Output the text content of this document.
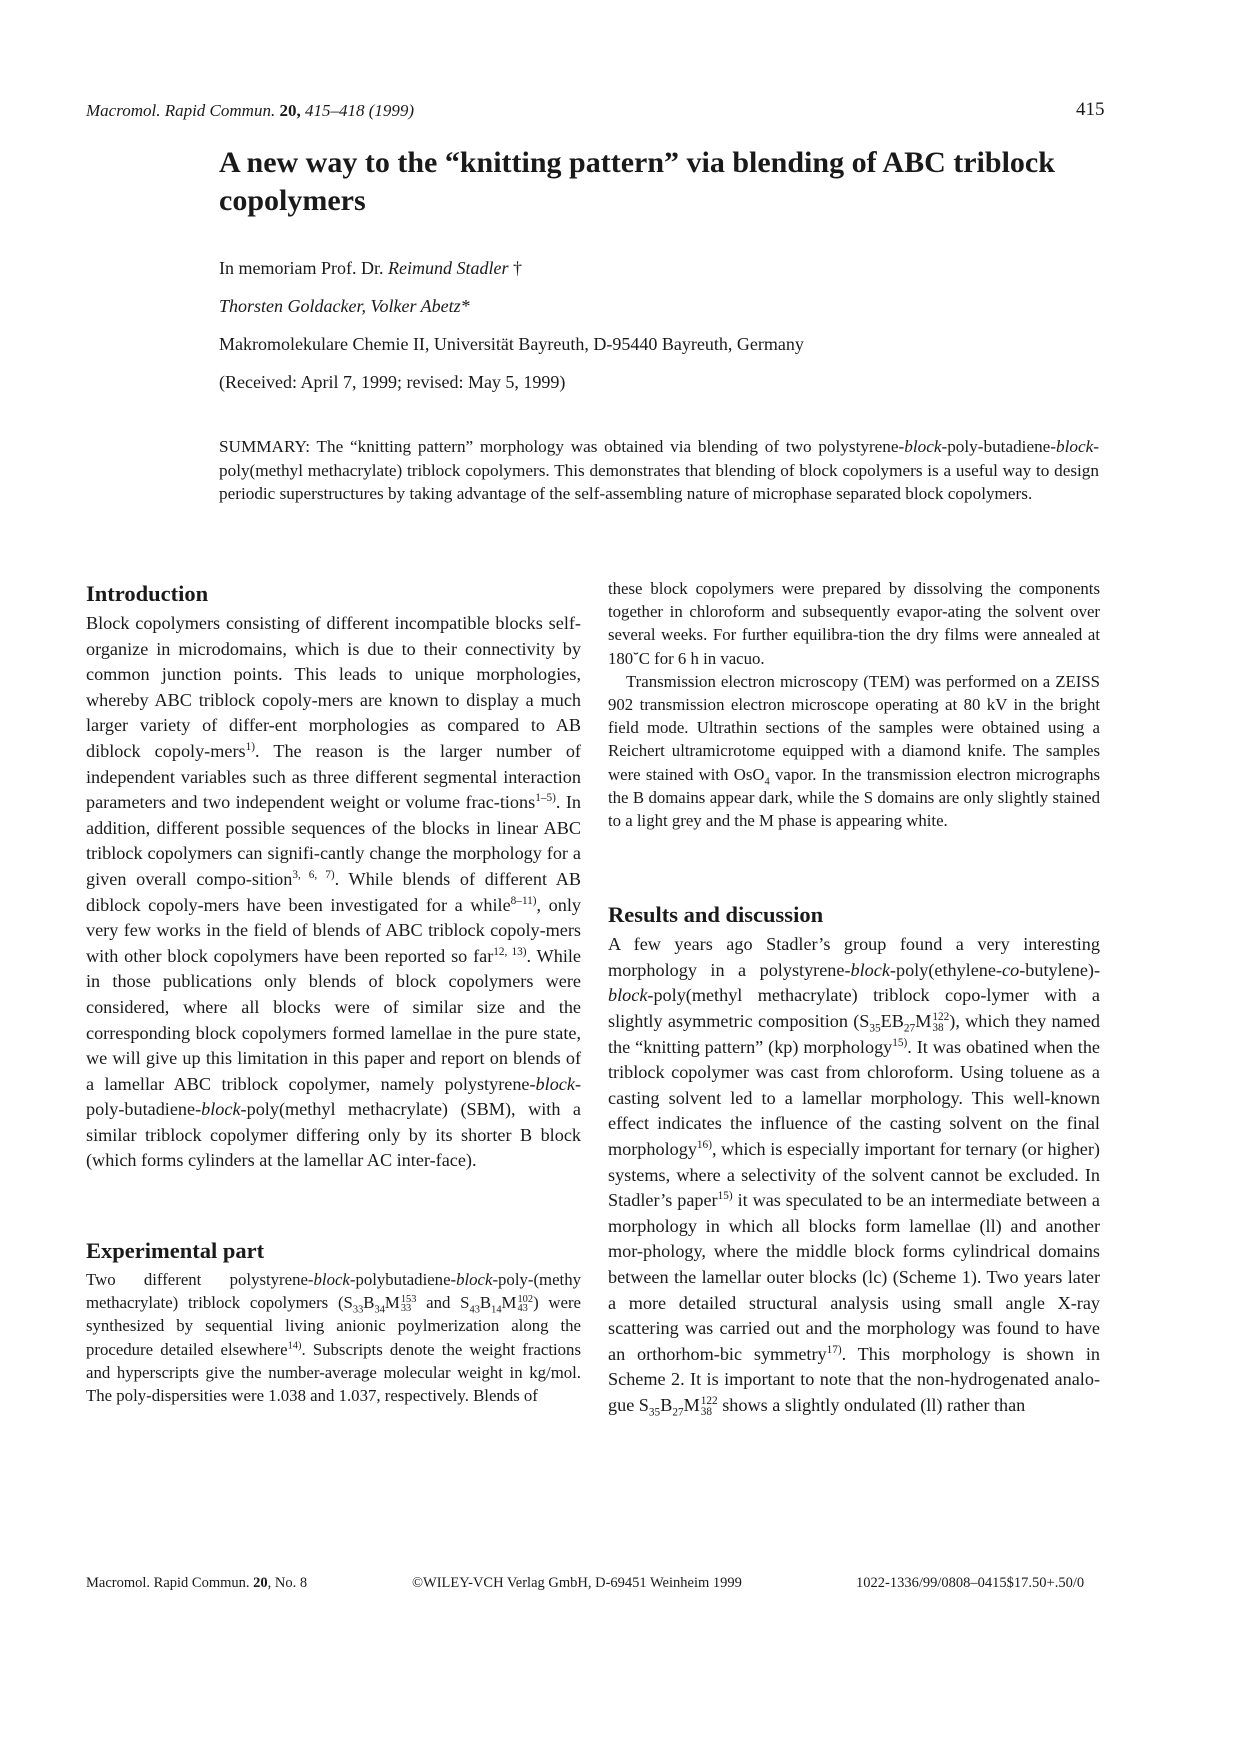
Macromol. Rapid Commun. 20, 415–418 (1999)	415
A new way to the “knitting pattern” via blending of ABC triblock copolymers
In memoriam Prof. Dr. Reimund Stadler †
Thorsten Goldacker, Volker Abetz*
Makromolekulare Chemie II, Universität Bayreuth, D-95440 Bayreuth, Germany
(Received: April 7, 1999; revised: May 5, 1999)

SUMMARY: The “knitting pattern” morphology was obtained via blending of two polystyrene-block-poly-butadiene-block-poly(methyl methacrylate) triblock copolymers. This demonstrates that blending of block copolymers is a useful way to design periodic superstructures by taking advantage of the self-assembling nature of microphase separated block copolymers.

Introduction

Block copolymers consisting of different incompatible blocks self-organize in microdomains, which is due to their connectivity by common junction points. This leads to unique morphologies, whereby ABC triblock copoly-mers are known to display a much larger variety of differ-ent morphologies as compared to AB diblock copoly-mers$^{1)}$. The reason is the larger number of independent variables such as three different segmental interaction parameters and two independent weight or volume frac-tions$^{1-5)}$. In addition, different possible sequences of the blocks in linear ABC triblock copolymers can signifi-cantly change the morphology for a given overall compo-sition$^{3, 6, 7)}$. While blends of different AB diblock copoly-mers have been investigated for a while$^{8-11)}$, only very few works in the field of blends of ABC triblock copoly-mers with other block copolymers have been reported so far$^{12, 13)}$. While in those publications only blends of block copolymers were considered, where all blocks were of similar size and the corresponding block copolymers formed lamellae in the pure state, we will give up this limitation in this paper and report on blends of a lamellar ABC triblock copolymer, namely polystyrene-block-poly-butadiene-block-poly(methyl methacrylate) (SBM), with a similar triblock copolymer differing only by its shorter B block (which forms cylinders at the lamellar AC inter-face).

Experimental part

Two different polystyrene-block-polybutadiene-block-poly-(methy methacrylate) triblock copolymers ($S_{33}B_{34}M$ 153
33 and $S_{43}B_{14}M$ 102
43 ) were synthesized by sequential living anionic poylmerization along the procedure detailed elsewhere$^{14)}$. Subscripts denote the weight fractions and hyperscripts give the number-average molecular weight in kg/mol. The poly-dispersities were 1.038 and 1.037, respectively. Blends of

these block copolymers were prepared by dissolving the components together in chloroform and subsequently evapor-ating the solvent over several weeks. For further equilibra-tion the dry films were annealed at 180˘C for 6 h in vacuo.

Transmission electron microscopy (TEM) was performed on a ZEISS 902 transmission electron microscope operating at 80 kV in the bright field mode. Ultrathin sections of the samples were obtained using a Reichert ultramicrotome equipped with a diamond knife. The samples were stained with OsO$_4$ vapor. In the transmission electron micrographs the B domains appear dark, while the S domains are only slightly stained to a light grey and the M phase is appearing white.

Results and discussion

A few years ago Stadler’s group found a very interesting morphology in a polystyrene-block-poly(ethylene-co-butylene)-block-poly(methyl methacrylate) triblock copo-lymer with a slightly asymmetric composition ($S_{35}EB_{27}M$ 122
38 ), which they named the “knitting pattern” (kp) morphology$^{15)}$. It was obatined when the triblock copolymer was cast from chloroform. Using toluene as a casting solvent led to a lamellar morphology. This well-known effect indicates the influence of the casting solvent on the final morphology$^{16)}$, which is especially important for ternary (or higher) systems, where a selectivity of the solvent cannot be excluded. In Stadler’s paper$^{15)}$ it was speculated to be an intermediate between a morphology in which all blocks form lamellae (ll) and another mor-phology, where the middle block forms cylindrical domains between the lamellar outer blocks (lc) (Scheme 1). Two years later a more detailed structural analysis using small angle X-ray scattering was carried out and the morphology was found to have an orthorhom-bic symmetry$^{17)}$. This morphology is shown in Scheme 2. It is important to note that the non-hydrogenated analo-gue $S_{35}B_{27}M$ 122
38 shows a slightly ondulated (ll) rather than

Macromol. Rapid Commun. 20, No. 8	©WILEY-VCH Verlag GmbH, D-69451 Weinheim 1999	1022-1336/99/0808–0415$17.50+.50/0
